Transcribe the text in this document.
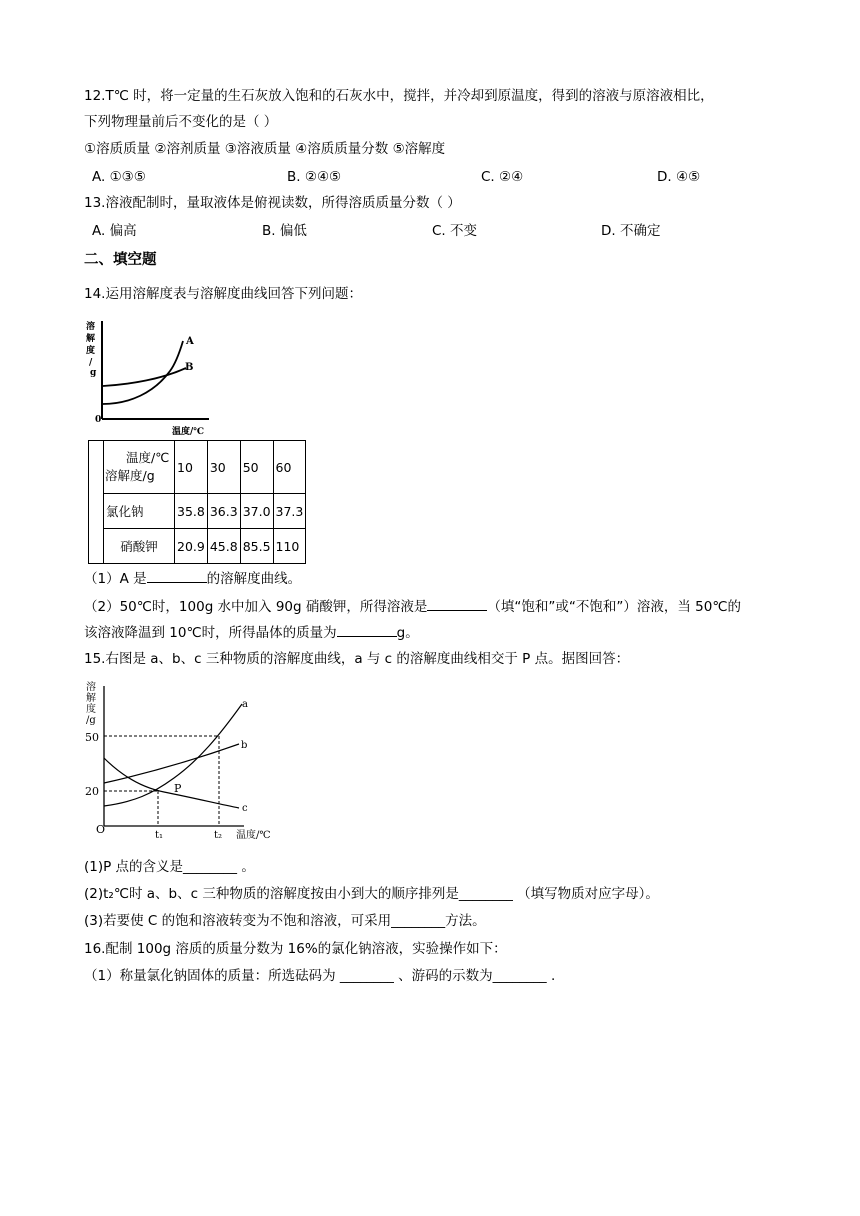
12.T℃ 时，将一定量的生石灰放入饱和的石灰水中，搅拌，并冷却到原温度，得到的溶液与原溶液相比，
下列物理量前后不变化的是（ ）
①溶质质量 ②溶剂质量 ③溶液质量 ④溶质质量分数 ⑤溶解度
A. ①③⑤	B. ②④⑤	C. ②④	D. ④⑤
13.溶液配制时，量取液体是俯视读数，所得溶质质量分数（ ）
A. 偏高	B. 偏低	C. 不变	D. 不确定
二、填空题
14.运用溶解度表与溶解度曲线回答下列问题：
溶
解
度
/
g
0
温度/℃
A
B

	温度/℃
溶解度/g	10	30	50	60
	氯化钠	35.8	36.3	37.0	37.3
	硝酸钾	20.9	45.8	85.5	110
（1）A 是	的溶解度曲线。
（2）50℃时，100g 水中加入 90g 硝酸钾，所得溶液是	（填“饱和”或“不饱和”）溶液，当 50℃的
该溶液降温到 10℃时，所得晶体的质量为	g。
15.右图是 a、b、c 三种物质的溶解度曲线，a 与 c 的溶解度曲线相交于 P 点。据图回答：
溶
解
度
/g
50
20
O	t₁	t₂ 温度/℃
a
b
c
P
(1)P 点的含义是________ 。
(2)t₂℃时 a、b、c 三种物质的溶解度按由小到大的顺序排列是________ （填写物质对应字母）。
(3)若要使 C 的饱和溶液转变为不饱和溶液，可采用________方法。
16.配制 100g 溶质的质量分数为 16%的氯化钠溶液，实验操作如下：
（1）称量氯化钠固体的质量：所选砝码为 ________ 、游码的示数为________ .
